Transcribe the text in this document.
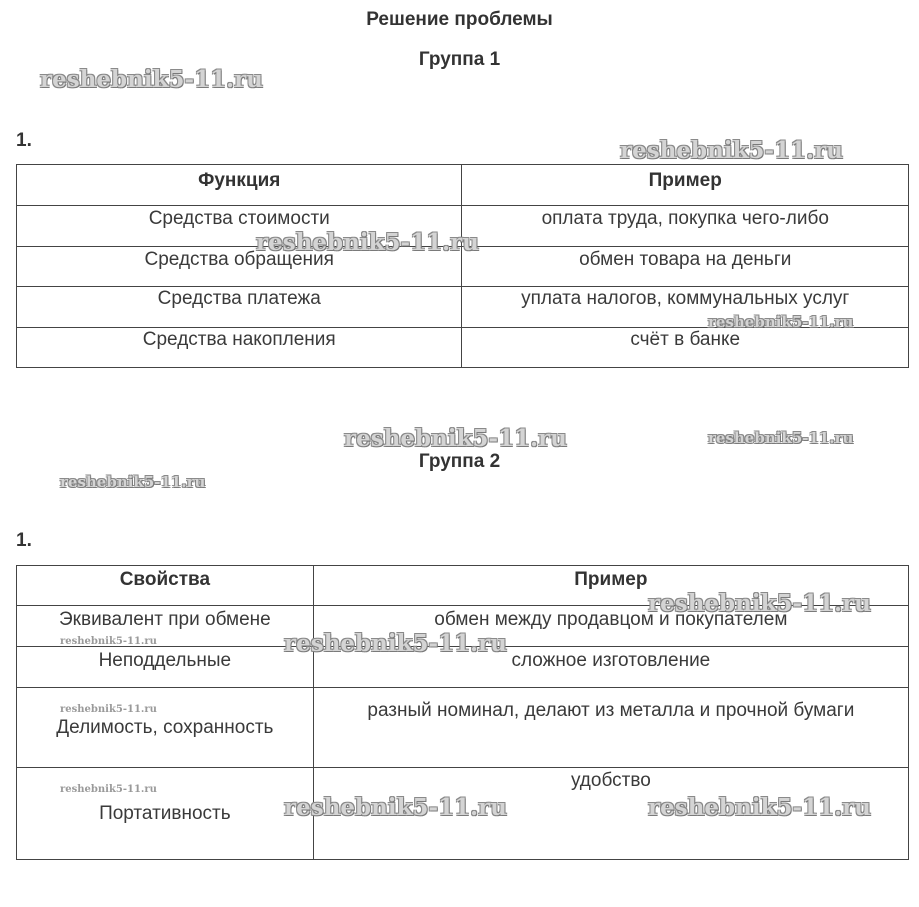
Решение проблемы
Группа 1
1.
Функция	Пример
Средства стоимости	оплата труда, покупка чего-либо
Средства обращения	обмен товара на деньги
Средства платежа	уплата налогов, коммунальных услуг
Средства накопления	счёт в банке
Группа 2
1.
Свойства	Пример
Эквивалент при обмене	обмен между продавцом и покупателем
Неподдельные	сложное изготовление
Делимость, сохранность	разный номинал, делают из металла и прочной бумаги
Портативность	удобство
reshebnik5-11.ru
reshebnik5-11.ru
reshebnik5-11.ru
reshebnik5-11.ru
reshebnik5-11.ru	reshebnik5-11.ru
reshebnik5-11.ru
reshebnik5-11.ru
reshebnik5-11.ru
reshebnik5-11.ru
reshebnik5-11.ru
reshebnik5-11.ru
reshebnik5-11.ru	reshebnik5-11.ru
